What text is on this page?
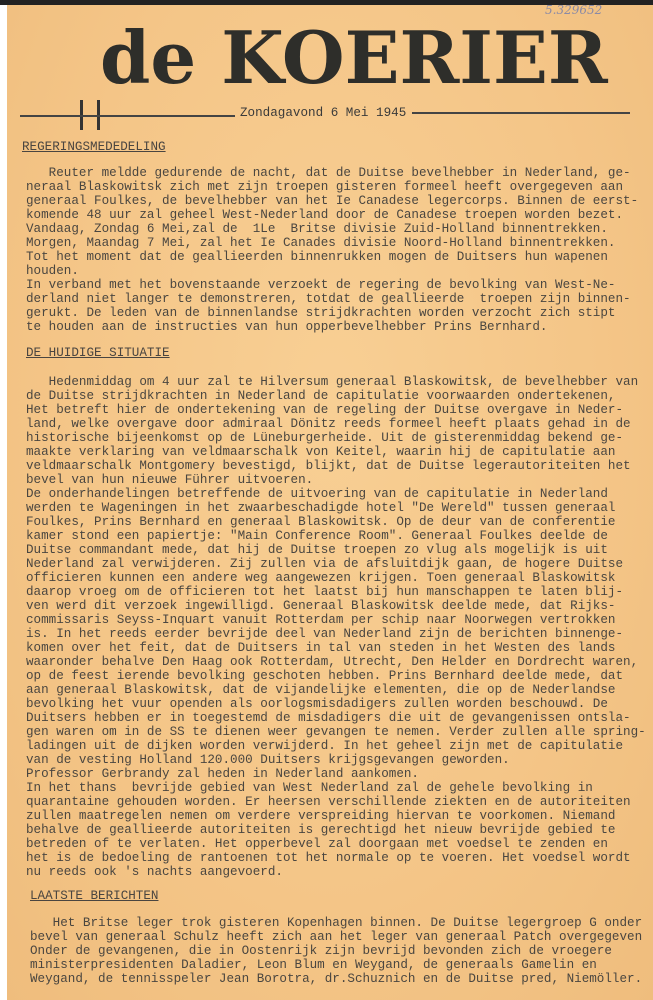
5.329652
de KOERIER
Zondagavond 6 Mei 1945
REGERINGSMEDEDELING
Reuter meldde gedurende de nacht, dat de Duitse bevelhebber in Nederland, ge-
neraal Blaskowitsk zich met zijn troepen gisteren formeel heeft overgegeven aan
generaal Foulkes, de bevelhebber van het Ie Canadese legercorps. Binnen de eerst-
komende 48 uur zal geheel West-Nederland door de Canadese troepen worden bezet.
Vandaag, Zondag 6 Mei,zal de  1Le  Britse divisie Zuid-Holland binnentrekken.
Morgen, Maandag 7 Mei, zal het Ie Canades divisie Noord-Holland binnentrekken.
Tot het moment dat de geallieerden binnenrukken mogen de Duitsers hun wapenen
houden.
In verband met het bovenstaande verzoekt de regering de bevolking van West-Ne-
derland niet langer te demonstreren, totdat de geallieerde  troepen zijn binnen-
gerukt. De leden van de binnenlandse strijdkrachten worden verzocht zich stipt
te houden aan de instructies van hun opperbevelhebber Prins Bernhard.
DE HUIDIGE SITUATIE
Hedenmiddag om 4 uur zal te Hilversum generaal Blaskowitsk, de bevelhebber van
de Duitse strijdkrachten in Nederland de capitulatie voorwaarden ondertekenen,
Het betreft hier de ondertekening van de regeling der Duitse overgave in Neder-
land, welke overgave door admiraal Dönitz reeds formeel heeft plaats gehad in de
historische bijeenkomst op de Lüneburgerheide. Uit de gisterenmiddag bekend ge-
maakte verklaring van veldmaarschalk von Keitel, waarin hij de capitulatie aan
veldmaarschalk Montgomery bevestigd, blijkt, dat de Duitse legerautoriteiten het
bevel van hun nieuwe Führer uitvoeren.
De onderhandelingen betreffende de uitvoering van de capitulatie in Nederland
werden te Wageningen in het zwaarbeschadigde hotel "De Wereld" tussen generaal
Foulkes, Prins Bernhard en generaal Blaskowitsk. Op de deur van de conferentie
kamer stond een papiertje: "Main Conference Room". Generaal Foulkes deelde de
Duitse commandant mede, dat hij de Duitse troepen zo vlug als mogelijk is uit
Nederland zal verwijderen. Zij zullen via de afsluitdijk gaan, de hogere Duitse
officieren kunnen een andere weg aangewezen krijgen. Toen generaal Blaskowitsk
daarop vroeg om de officieren tot het laatst bij hun manschappen te laten blij-
ven werd dit verzoek ingewilligd. Generaal Blaskowitsk deelde mede, dat Rijks-
commissaris Seyss-Inquart vanuit Rotterdam per schip naar Noorwegen vertrokken
is. In het reeds eerder bevrijde deel van Nederland zijn de berichten binnenge-
komen over het feit, dat de Duitsers in tal van steden in het Westen des lands
waaronder behalve Den Haag ook Rotterdam, Utrecht, Den Helder en Dordrecht waren,
op de feest ierende bevolking geschoten hebben. Prins Bernhard deelde mede, dat
aan generaal Blaskowitsk, dat de vijandelijke elementen, die op de Nederlandse
bevolking het vuur openden als oorlogsmisdadigers zullen worden beschouwd. De
Duitsers hebben er in toegestemd de misdadigers die uit de gevangenissen ontsla-
gen waren om in de SS te dienen weer gevangen te nemen. Verder zullen alle spring-
ladingen uit de dijken worden verwijderd. In het geheel zijn met de capitulatie
van de vesting Holland 120.000 Duitsers krijgsgevangen geworden.
Professor Gerbrandy zal heden in Nederland aankomen.
In het thans  bevrijde gebied van West Nederland zal de gehele bevolking in
quarantaine gehouden worden. Er heersen verschillende ziekten en de autoriteiten
zullen maatregelen nemen om verdere verspreiding hiervan te voorkomen. Niemand
behalve de geallieerde autoriteiten is gerechtigd het nieuw bevrijde gebied te
betreden of te verlaten. Het opperbevel zal doorgaan met voedsel te zenden en
het is de bedoeling de rantoenen tot het normale op te voeren. Het voedsel wordt
nu reeds ook 's nachts aangevoerd.
LAATSTE BERICHTEN
Het Britse leger trok gisteren Kopenhagen binnen. De Duitse legergroep G onder
bevel van generaal Schulz heeft zich aan het leger van generaal Patch overgegeven
Onder de gevangenen, die in Oostenrijk zijn bevrijd bevonden zich de vroegere
ministerpresidenten Daladier, Leon Blum en Weygand, de generaals Gamelin en
Weygand, de tennisspeler Jean Borotra, dr.Schuznich en de Duitse pred, Niemöller.
